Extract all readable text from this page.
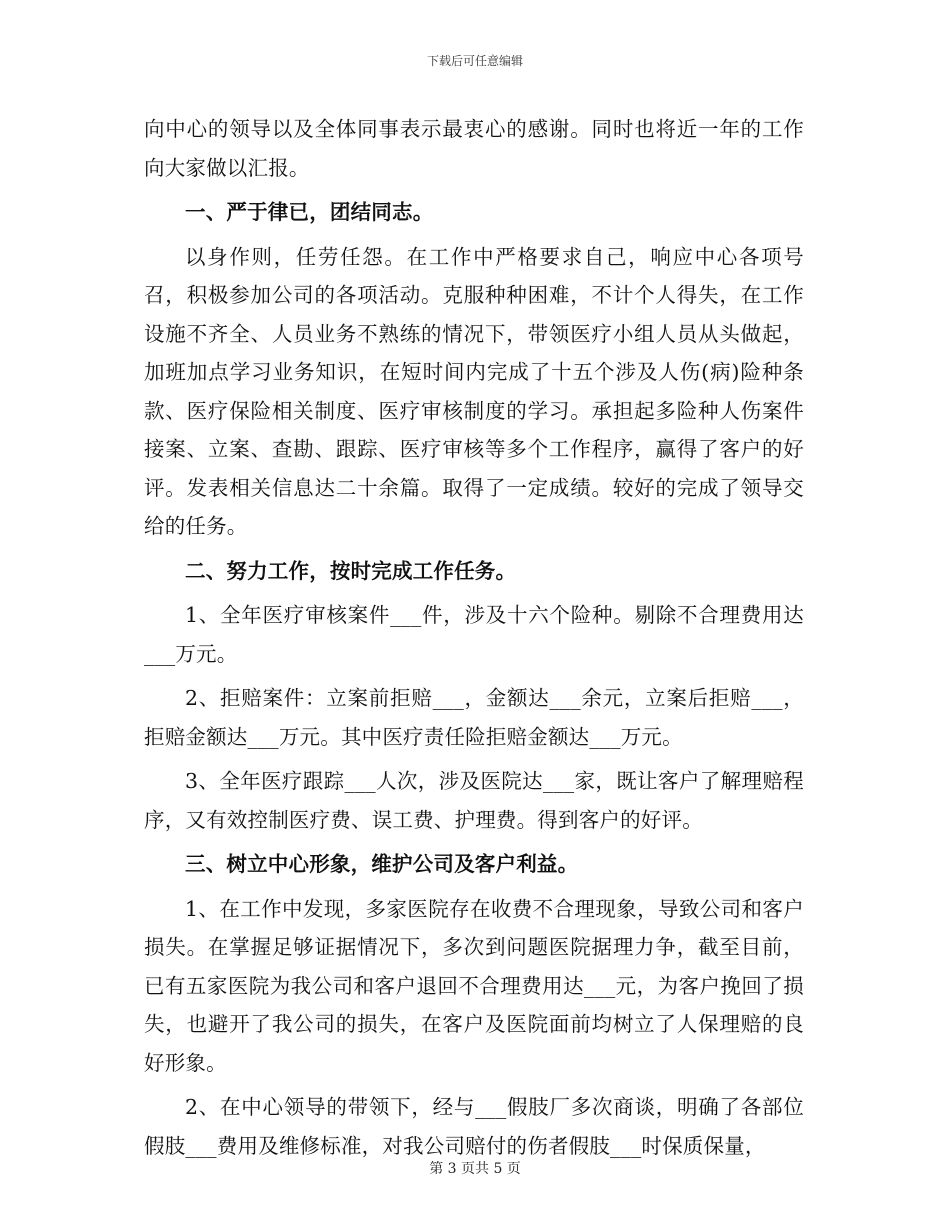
下载后可任意编辑

向中心的领导以及全体同事表示最衷心的感谢。同时也将近一年的工作向大家做以汇报。

一、严于律已，团结同志。

以身作则，任劳任怨。在工作中严格要求自己，响应中心各项号召，积极参加公司的各项活动。克服种种困难，不计个人得失，在工作设施不齐全、人员业务不熟练的情况下，带领医疗小组人员从头做起，加班加点学习业务知识，在短时间内完成了十五个涉及人伤(病)险种条款、医疗保险相关制度、医疗审核制度的学习。承担起多险种人伤案件接案、立案、查勘、跟踪、医疗审核等多个工作程序，赢得了客户的好评。发表相关信息达二十余篇。取得了一定成绩。较好的完成了领导交给的任务。

二、努力工作，按时完成工作任务。

1、全年医疗审核案件___件，涉及十六个险种。剔除不合理费用达___万元。

2、拒赔案件：立案前拒赔___，金额达___余元，立案后拒赔___，拒赔金额达___万元。其中医疗责任险拒赔金额达___万元。

3、全年医疗跟踪___人次，涉及医院达___家，既让客户了解理赔程序，又有效控制医疗费、误工费、护理费。得到客户的好评。

三、树立中心形象，维护公司及客户利益。

1、在工作中发现，多家医院存在收费不合理现象，导致公司和客户损失。在掌握足够证据情况下，多次到问题医院据理力争，截至目前，已有五家医院为我公司和客户退回不合理费用达___元，为客户挽回了损失，也避开了我公司的损失，在客户及医院面前均树立了人保理赔的良好形象。

2、在中心领导的带领下，经与___假肢厂多次商谈，明确了各部位假肢___费用及维修标准，对我公司赔付的伤者假肢___时保质保量，

第 3 页共 5 页
